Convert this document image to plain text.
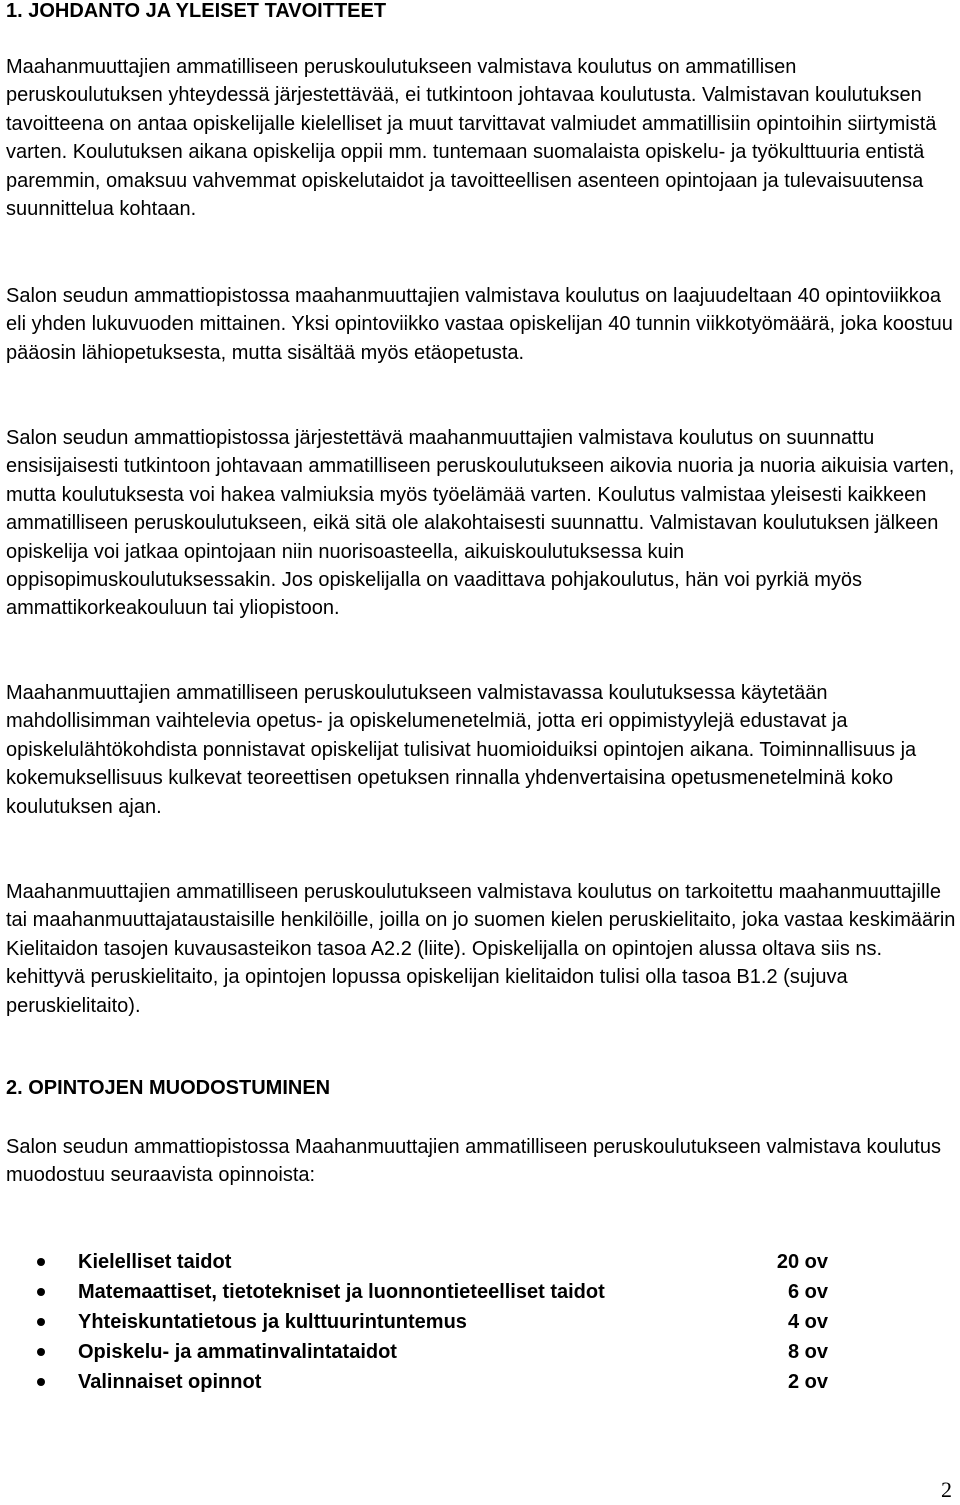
1. JOHDANTO JA YLEISET TAVOITTEET

Maahanmuuttajien ammatilliseen peruskoulutukseen valmistava koulutus on ammatillisen peruskoulutuksen yhteydessä järjestettävää, ei tutkintoon johtavaa koulutusta. Valmistavan koulutuksen tavoitteena on antaa opiskelijalle kielelliset ja muut tarvittavat valmiudet ammatillisiin opintoihin siirtymistä varten. Koulutuksen aikana opiskelija oppii mm. tuntemaan suomalaista opiskelu- ja työkulttuuria entistä paremmin, omaksuu vahvemmat opiskelutaidot ja tavoitteellisen asenteen opintojaan ja tulevaisuutensa suunnittelua kohtaan.

Salon seudun ammattiopistossa maahanmuuttajien valmistava koulutus on laajuudeltaan 40 opintoviikkoa eli yhden lukuvuoden mittainen. Yksi opintoviikko vastaa opiskelijan 40 tunnin viikkotyömäärä, joka koostuu pääosin lähiopetuksesta, mutta sisältää myös etäopetusta.

Salon seudun ammattiopistossa järjestettävä maahanmuuttajien valmistava koulutus on suunnattu ensisijaisesti tutkintoon johtavaan ammatilliseen peruskoulutukseen aikovia nuoria ja nuoria aikuisia varten, mutta koulutuksesta voi hakea valmiuksia myös työelämää varten. Koulutus valmistaa yleisesti kaikkeen ammatilliseen peruskoulutukseen, eikä sitä ole alakohtaisesti suunnattu. Valmistavan koulutuksen jälkeen opiskelija voi jatkaa opintojaan niin nuorisoasteella, aikuiskoulutuksessa kuin oppisopimuskoulutuksessakin. Jos opiskelijalla on vaadittava pohjakoulutus, hän voi pyrkiä myös ammattikorkeakouluun tai yliopistoon.

Maahanmuuttajien ammatilliseen peruskoulutukseen valmistavassa koulutuksessa käytetään mahdollisimman vaihtelevia opetus- ja opiskelumenetelmiä, jotta eri oppimistyylejä edustavat ja opiskelulähtökohdista ponnistavat opiskelijat tulisivat huomioiduiksi opintojen aikana. Toiminnallisuus ja kokemuksellisuus kulkevat teoreettisen opetuksen rinnalla yhdenvertaisina opetusmenetelminä koko koulutuksen ajan.

Maahanmuuttajien ammatilliseen peruskoulutukseen valmistava koulutus on tarkoitettu maahanmuuttajille tai maahanmuuttajataustaisille henkilöille, joilla on jo suomen kielen peruskielitaito, joka vastaa keskimäärin Kielitaidon tasojen kuvausasteikon tasoa A2.2 (liite). Opiskelijalla on opintojen alussa oltava siis ns. kehittyvä peruskielitaito, ja opintojen lopussa opiskelijan kielitaidon tulisi olla tasoa B1.2 (sujuva peruskielitaito).

2. OPINTOJEN MUODOSTUMINEN

Salon seudun ammattiopistossa Maahanmuuttajien ammatilliseen peruskoulutukseen valmistava koulutus muodostuu seuraavista opinnoista:

Kielelliset taidot	20 ov
Matemaattiset, tietotekniset ja luonnontieteelliset taidot	6 ov
Yhteiskuntatietous ja kulttuurintuntemus	4 ov
Opiskelu- ja ammatinvalintataidot	8 ov
Valinnaiset opinnot	2 ov
2
